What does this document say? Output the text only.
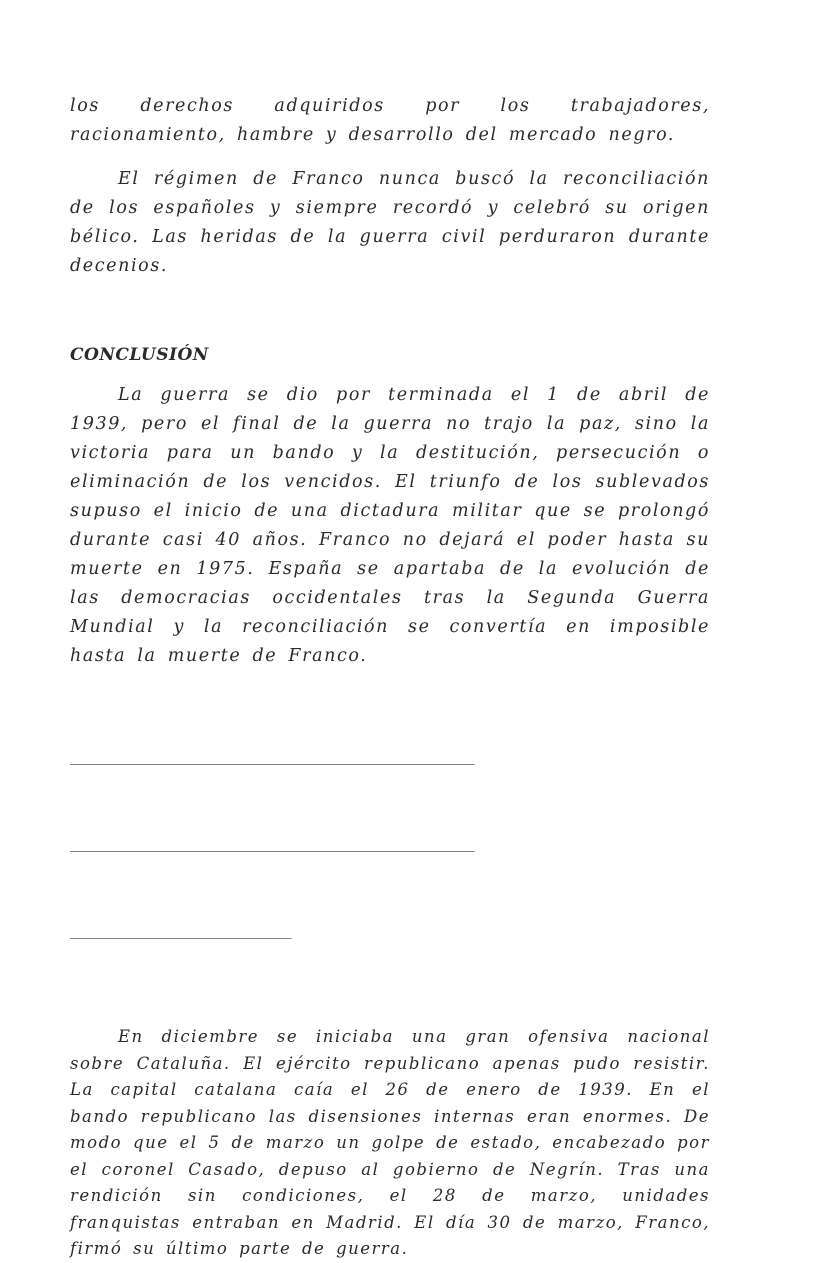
los derechos adquiridos por los trabajadores, racionamiento, hambre y desarrollo del mercado negro.

El régimen de Franco nunca buscó la reconciliación de los españoles y siempre recordó y celebró su origen bélico. Las heridas de la guerra civil perduraron durante decenios.

CONCLUSIÓN

La guerra se dio por terminada el 1 de abril de 1939, pero el final de la guerra no trajo la paz, sino la victoria para un bando y la destitución, persecución o eliminación de los vencidos. El triunfo de los sublevados supuso el inicio de una dictadura militar que se prolongó durante casi 40 años. Franco no dejará el poder hasta su muerte en 1975. España se apartaba de la evolución de las democracias occidentales tras la Segunda Guerra Mundial y la reconciliación se convertía en imposible hasta la muerte de Franco.

__________________________________________

__________________________________________

_______________________

En diciembre se iniciaba una gran ofensiva nacional sobre Cataluña. El ejército republicano apenas pudo resistir. La capital catalana caía el 26 de enero de 1939. En el bando republicano las disensiones internas eran enormes. De modo que el 5 de marzo un golpe de estado, encabezado por el coronel Casado, depuso al gobierno de Negrín. Tras una rendición sin condiciones, el 28 de marzo, unidades franquistas entraban en Madrid. El día 30 de marzo, Franco, firmó su último parte de guerra.
